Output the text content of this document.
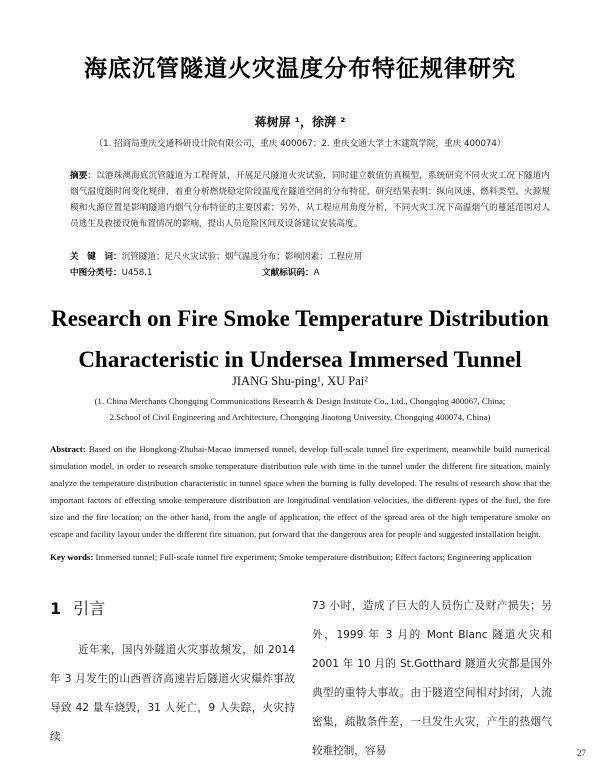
海底沉管隧道火灾温度分布特征规律研究
蒋树屏 ¹，徐湃 ²
（1. 招商局重庆交通科研设计院有限公司，重庆 400067；2. 重庆交通大学土木建筑学院，重庆 400074）
摘要：以港珠澳海底沉管隧道为工程背景，开展足尺隧道火灾试验，同时建立数值仿真模型，系统研究不同火灾工况下隧道内烟气温度随时间变化规律，着重分析燃烧稳定阶段温度在隧道空间的分布特征，研究结果表明：纵向风速、燃料类型、火源规模和火源位置是影响隧道内烟气分布特征的主要因素；另外，从工程应用角度分析，不同火灾工况下高温烟气的蔓延范围对人员逃生及救援设施布置情况的影响，提出人员危险区间及设备建议安装高度。
关　键　词：沉管隧道；足尺火灾试验；烟气温度分布；影响因素；工程应用
中图分类号：U458.1	文献标识码：A
Research on Fire Smoke Temperature Distribution
Characteristic in Undersea Immersed Tunnel
JIANG Shu-ping¹, XU Pai²
(1. China Merchants Chongqing Communications Research & Design Institute Co., Ltd., Chongqing 400067, China;
2.School of Civil Engineering and Architecture, Chongqing Jiaotong University, Chongqing 400074, China)
Abstract: Based on the Hongkong-Zhuhai-Macao immersed tunnel, develop full-scale tunnel fire experiment, meanwhile build numerical simulation model, in order to research smoke temperature distribution rule with time in the tunnel under the different fire situation, mainly analyze the temperature distribution characteristic in tunnel space when the burning is fully developed. The results of research show that the important factors of effecting smoke temperature distribution are longitudinal ventilation velocities, the different types of the fuel, the fire size and the fire location; on the other hand, from the angle of application, the effect of the spread area of the high temperature smoke on escape and facility layout under the different fire situation, put forward that the dangerous area for people and suggested installation height.
Key words: Immersed tunnel; Full-scale tunnel fire experiment; Smoke temperature distribution; Effect factors; Engineering application
1 引言
近年来，国内外隧道火灾事故频发，如 2014 年 3 月发生的山西晋济高速岩后隧道火灾爆炸事故导致 42 量车烧毁，31 人死亡，9 人失踪，火灾持续
73 小时，造成了巨大的人员伤亡及财产损失；另外，1999 年 3 月的 Mont Blanc 隧道火灾和 2001 年 10 月的 St.Gotthard 隧道火灾都是国外典型的重特大事故。由于隧道空间相对封闭，人流密集，疏散条件差，一旦发生火灾，产生的热烟气较难控制，容易	27
